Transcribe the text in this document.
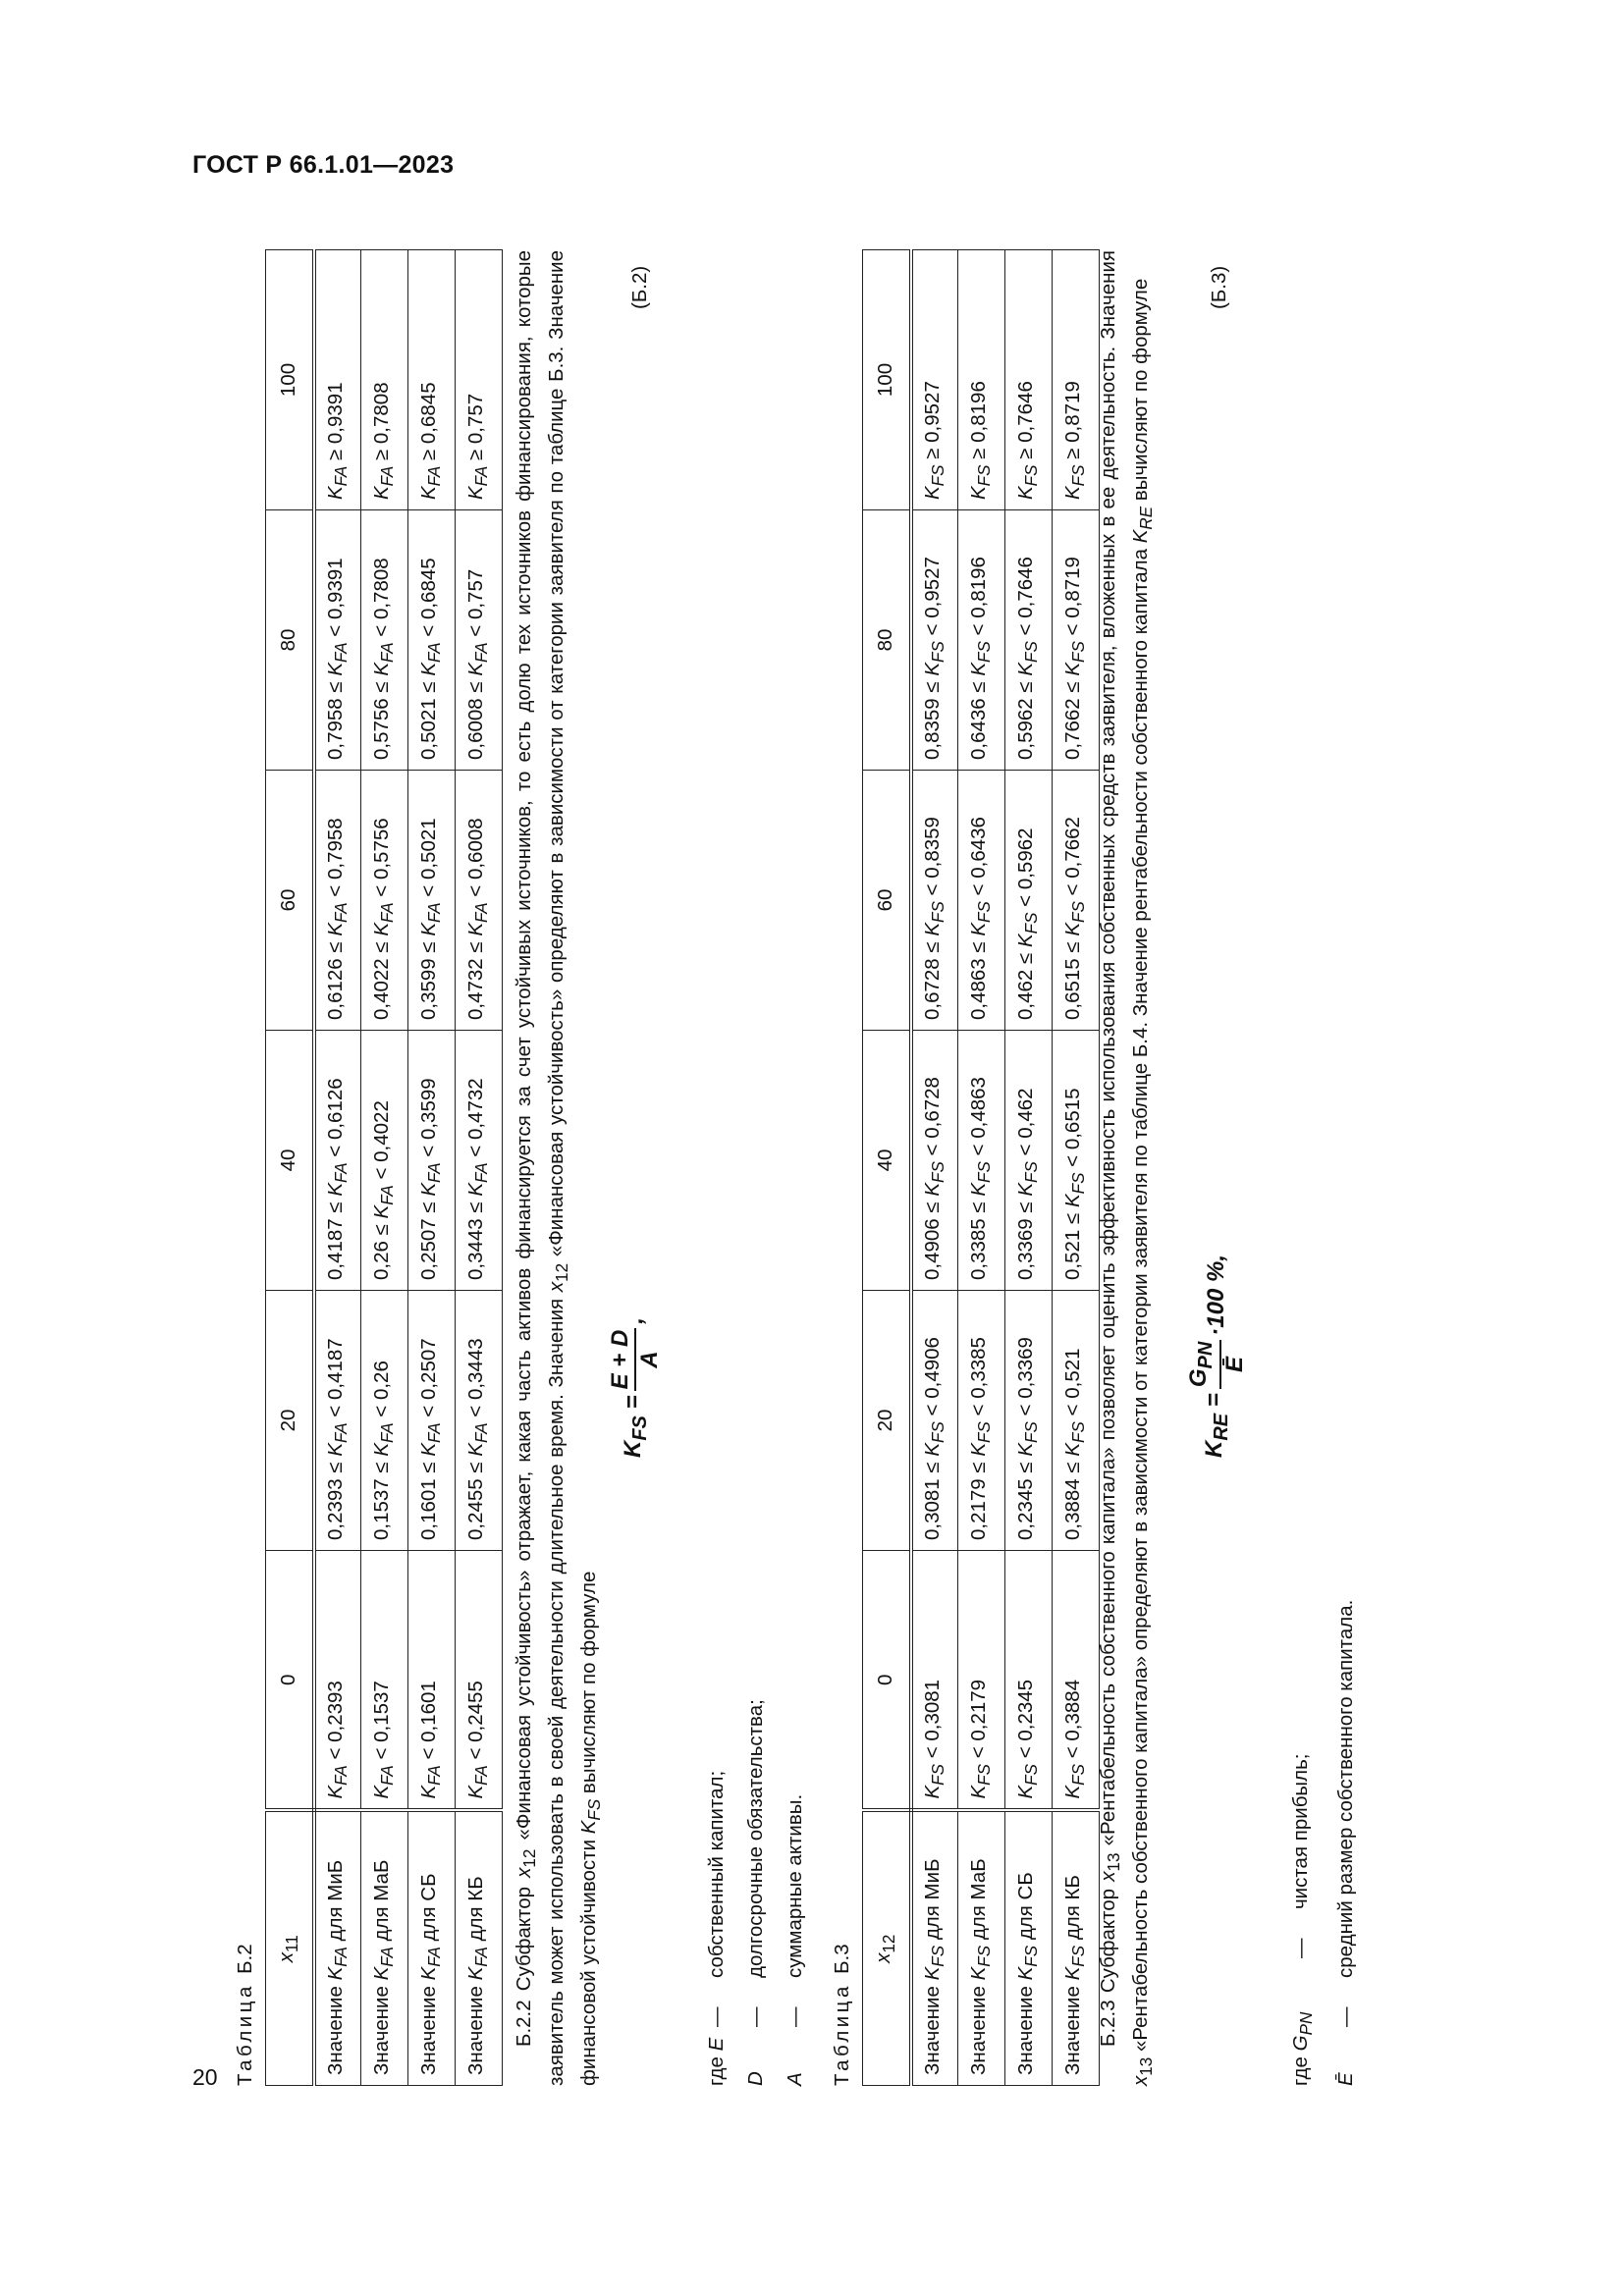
ГОСТ Р 66.1.01—2023
Таблица Б.2 $x_{11}$	0	20	40	60	80	100
Значение $K_{FA}$ для МиБ	$K_{FA} < 0,2393$	$0,2393 \le K_{FA} < 0,4187$	$0,4187 \le K_{FA} < 0,6126$	$0,6126 \le K_{FA} < 0,7958$	$0,7958 \le K_{FA} < 0,9391$	$K_{FA} \ge 0,9391$
Значение $K_{FA}$ для МаБ	$K_{FA} < 0,1537$	$0,1537 \le K_{FA} < 0,26$	$0,26 \le K_{FA} < 0,4022$	$0,4022 \le K_{FA} < 0,5756$	$0,5756 \le K_{FA} < 0,7808$	$K_{FA} \ge 0,7808$
Значение $K_{FA}$ для СБ	$K_{FA} < 0,1601$	$0,1601 \le K_{FA} < 0,2507$	$0,2507 \le K_{FA} < 0,3599$	$0,3599 \le K_{FA} < 0,5021$	$0,5021 \le K_{FA} < 0,6845$	$K_{FA} \ge 0,6845$
Значение $K_{FA}$ для КБ	$K_{FA} < 0,2455$	$0,2455 \le K_{FA} < 0,3443$	$0,3443 \le K_{FA} < 0,4732$	$0,4732 \le K_{FA} < 0,6008$	$0,6008 \le K_{FA} < 0,757$	$K_{FA} \ge 0,757$
Б.2.2 Субфактор $x_{12}$ «Финансовая устойчивость» отражает, какая часть активов финансируется за счет устойчивых источников, то есть долю тех источников финансирования, которые заявитель может использовать в своей деятельности длительное время. Значения $x_{12}$ «Финансовая устойчивость» определяют в зависимости от категории заявителя по таблице Б.3. Значение финансовой устойчивости $K_{FS}$ вычисляют по формуле
$K_{FS}$ =
E + D A
,
(Б.2)
где E
—
собственный капитал;
D
—
долгосрочные обязательства;
A
—
суммарные активы.
Таблица Б.3 $x_{12}$	0	20	40	60	80	100
Значение $K_{FS}$ для МиБ	$K_{FS} < 0,3081$	$0,3081 \le K_{FS} < 0,4906$	$0,4906 \le K_{FS} < 0,6728$	$0,6728 \le K_{FS} < 0,8359$	$0,8359 \le K_{FS} < 0,9527$	$K_{FS} \ge 0,9527$
Значение $K_{FS}$ для МаБ	$K_{FS} < 0,2179$	$0,2179 \le K_{FS} < 0,3385$	$0,3385 \le K_{FS} < 0,4863$	$0,4863 \le K_{FS} < 0,6436$	$0,6436 \le K_{FS} < 0,8196$	$K_{FS} \ge 0,8196$
Значение $K_{FS}$ для СБ	$K_{FS} < 0,2345$	$0,2345 \le K_{FS} < 0,3369$	$0,3369 \le K_{FS} < 0,462$	$0,462 \le K_{FS} < 0,5962$	$0,5962 \le K_{FS} < 0,7646$	$K_{FS} \ge 0,7646$
Значение $K_{FS}$ для КБ	$K_{FS} < 0,3884$	$0,3884 \le K_{FS} < 0,521$	$0,521 \le K_{FS} < 0,6515$	$0,6515 \le K_{FS} < 0,7662$	$0,7662 \le K_{FS} < 0,8719$	$K_{FS} \ge 0,8719$
Б.2.3 Субфактор $x_{13}$ «Рентабельность собственного капитала» позволяет оценить эффективность использования собственных средств заявителя, вложенных в ее деятельность. Значения $x_{13}$ «Рентабельность собственного капитала» определяют в зависимости от категории заявителя по таблице Б.4. Значение рентабельности собственного капитала $K_{RE}$ вычисляют по формуле
$K_{RE}$ =
$G_{PN}$ Ē
·100 %,
(Б.3)
где $G_{PN}$
—
чистая прибыль;
Ē
—
средний размер собственного капитала.
20
